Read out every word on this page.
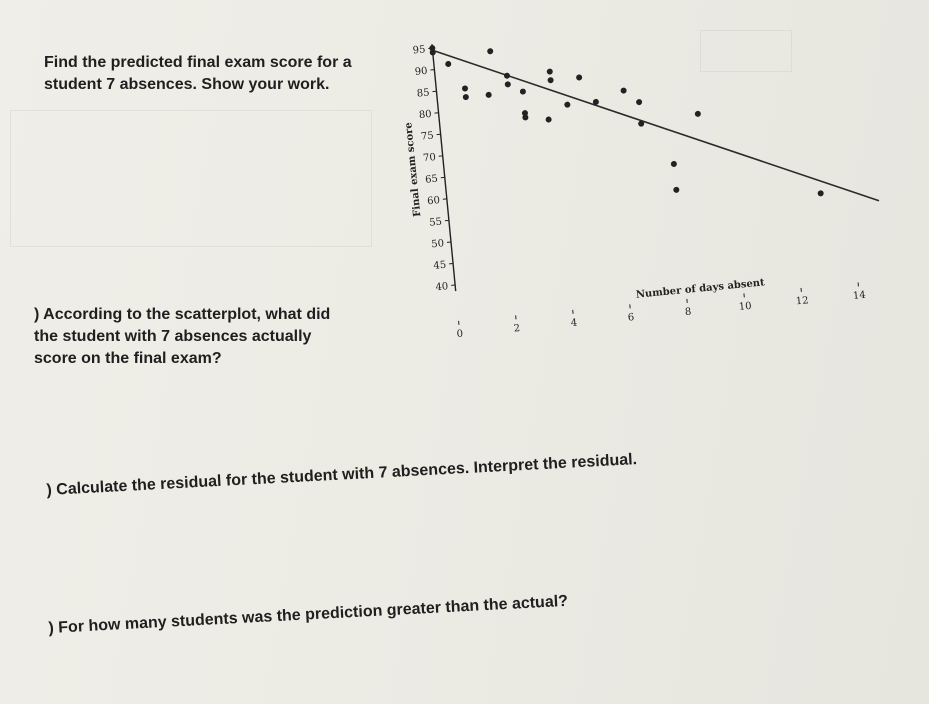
Find the predicted final exam score for a
student 7 absences. Show your work.
40
45
50
55
60
65
70
75
80
85
90
95
0	2	4	6	8	10	12	14
Final exam score
Number of days absent
) According to the scatterplot, what did
the student with 7 absences actually
score on the final exam?
) Calculate the residual for the student with 7 absences. Interpret the residual.
) For how many students was the prediction greater than the actual?
